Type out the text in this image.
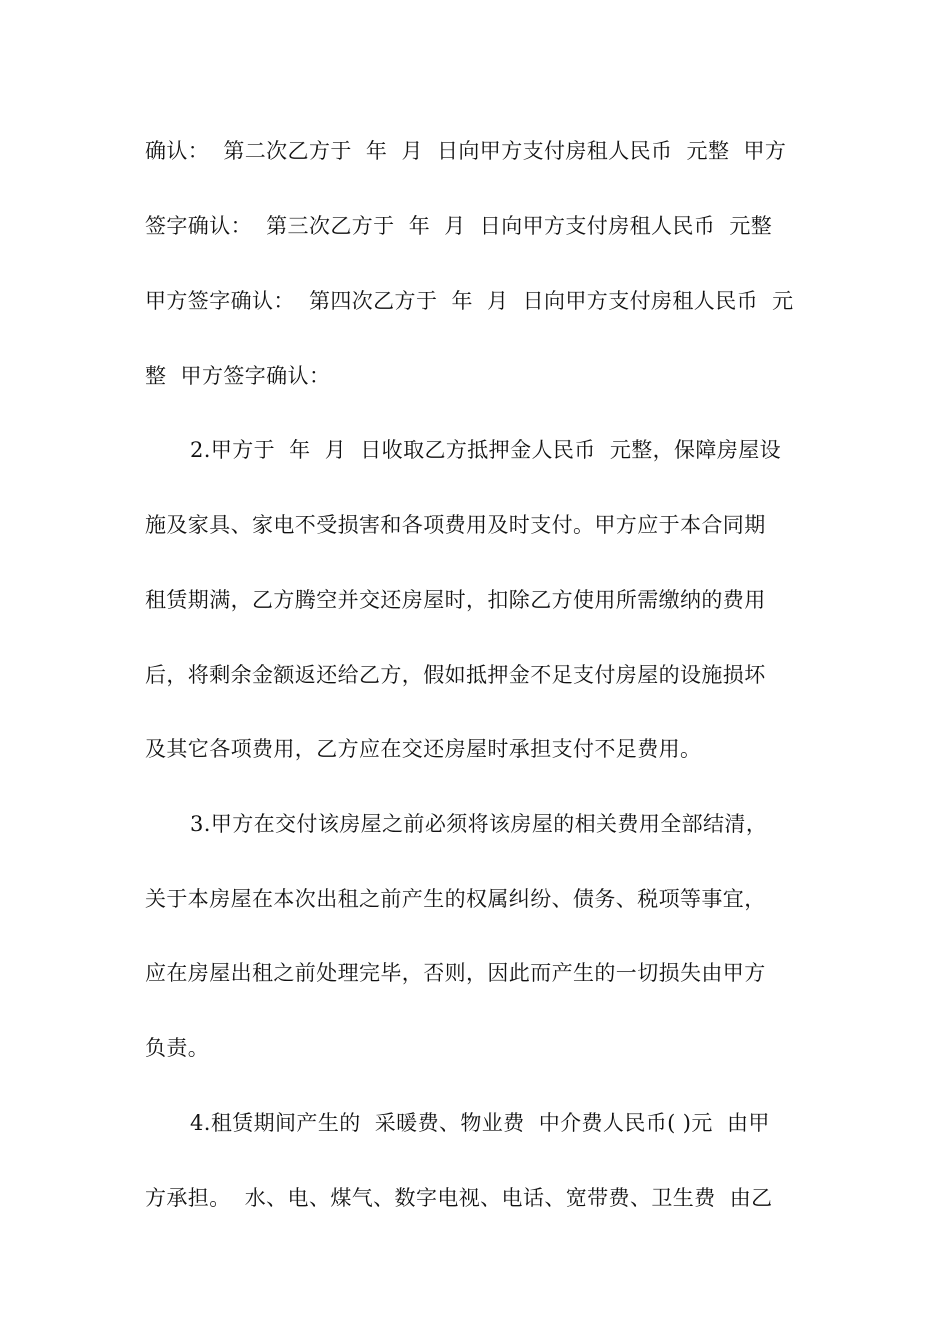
确认：  第二次乙方于  年  月  日向甲方支付房租人民币  元整  甲方
签字确认：  第三次乙方于  年  月  日向甲方支付房租人民币  元整
甲方签字确认：  第四次乙方于  年  月  日向甲方支付房租人民币  元
整  甲方签字确认：
2.甲方于  年  月  日收取乙方抵押金人民币  元整，保障房屋设
施及家具、家电不受损害和各项费用及时支付。甲方应于本合同期
租赁期满，乙方腾空并交还房屋时，扣除乙方使用所需缴纳的费用
后，将剩余金额返还给乙方，假如抵押金不足支付房屋的设施损坏
及其它各项费用，乙方应在交还房屋时承担支付不足费用。
3.甲方在交付该房屋之前必须将该房屋的相关费用全部结清，
关于本房屋在本次出租之前产生的权属纠纷、债务、税项等事宜，
应在房屋出租之前处理完毕，否则，因此而产生的一切损失由甲方
负责。
4.租赁期间产生的  采暖费、物业费  中介费人民币( )元  由甲
方承担。  水、电、煤气、数字电视、电话、宽带费、卫生费  由乙
